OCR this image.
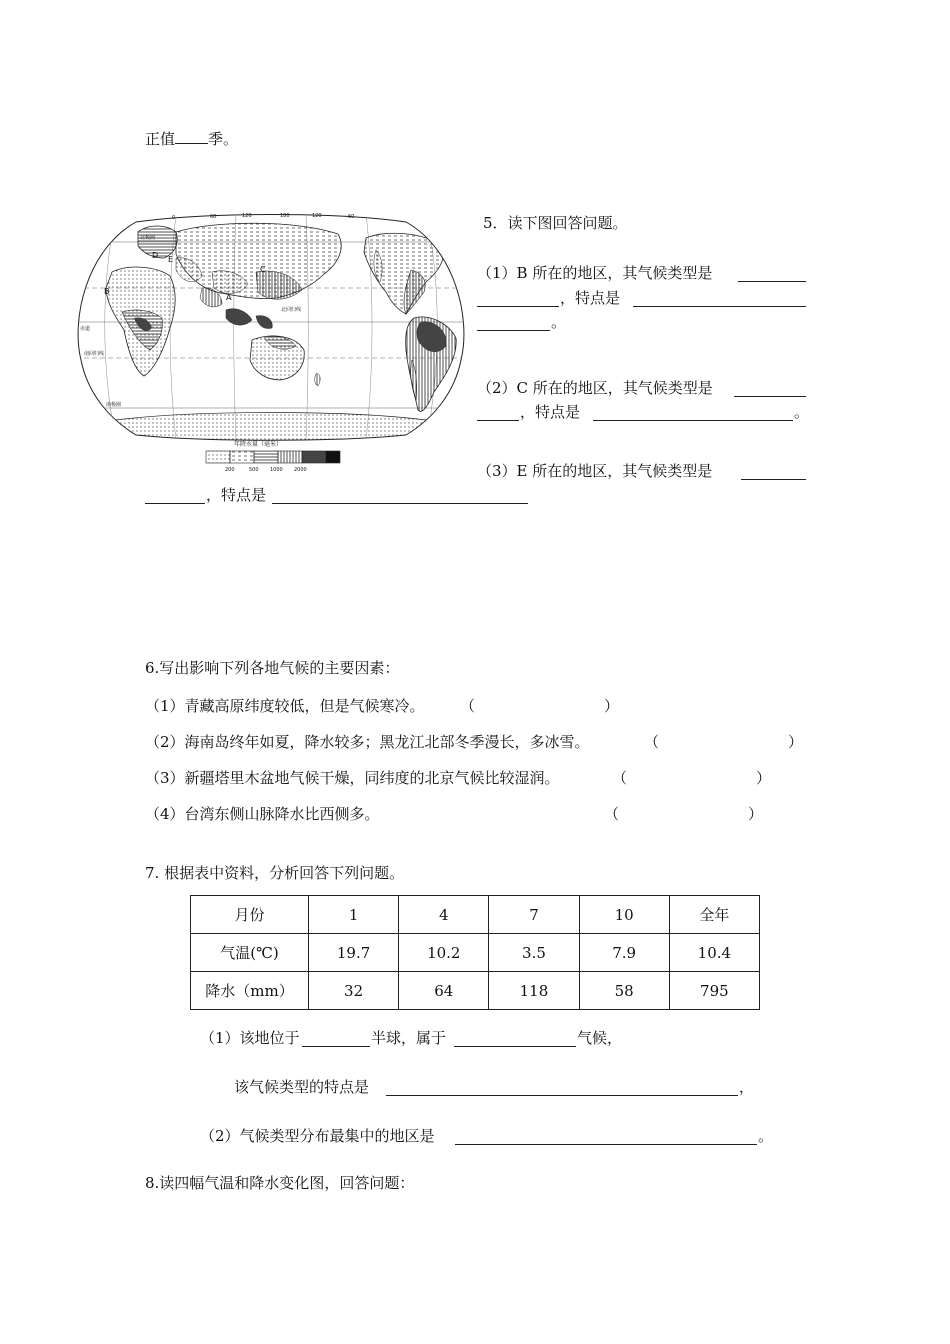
正值 季。
北极圈
北回归线
赤道
南回归线
南极圈
0	60	120	180	120	60
A
B
C
D E
年降水量（毫米）
200	500 1000 2000
5．读下图回答问题。
（1）B 所在的地区，其气候类型是
，特点是
。
（2）C 所在的地区，其气候类型是
，特点是	。
（3）E 所在的地区，其气候类型是
，特点是
6.写出影响下列各地气候的主要因素：
（1）青藏高原纬度较低，但是气候寒冷。 （	）
（2）海南岛终年如夏，降水较多；黑龙江北部冬季漫长，多冰雪。	（	）
（3）新疆塔里木盆地气候干燥，同纬度的北京气候比较湿润。	（	）
（4）台湾东侧山脉降水比西侧多。	（	）
7. 根据表中资料，分析回答下列问题。
月份	1	4	7	10	全年
气温(℃)	19.7	10.2	3.5	7.9	10.4
降水（mm）	32	64	118	58	795
（1）该地位于	半球，属于	气候，
该气候类型的特点是	，
（2）气候类型分布最集中的地区是	。
8.读四幅气温和降水变化图，回答问题：
